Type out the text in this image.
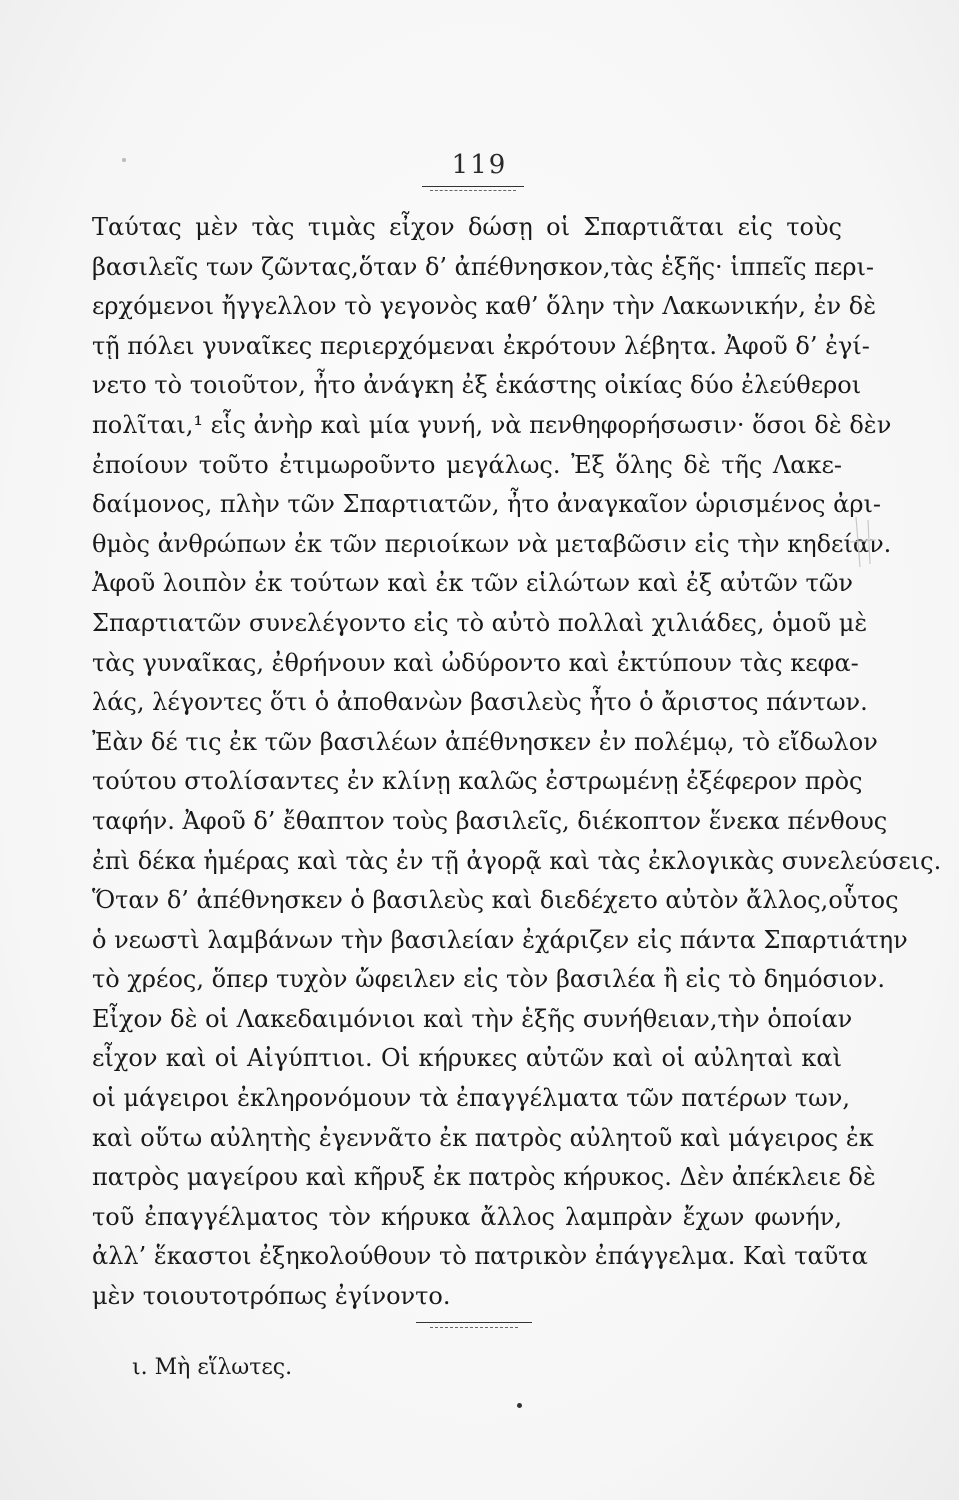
119
Ταύτας μὲν τὰς τιμὰς εἶχον δώσῃ οἱ Σπαρτιᾶται εἰς τοὺς
βασιλεῖς των ζῶντας,ὅταν δ’ ἀπέθνησκον,τὰς ἑξῆς· ἱππεῖς περι-
ερχόμενοι ἤγγελλον τὸ γεγονὸς καθ’ ὅλην τὴν Λακωνικήν, ἐν δὲ
τῇ πόλει γυναῖκες περιερχόμεναι ἐκρότουν λέβητα. Ἀφοῦ δ’ ἐγί-
νετο τὸ τοιοῦτον, ἦτο ἀνάγκη ἐξ ἑκάστης οἰκίας δύο ἐλεύθεροι
πολῖται,¹ εἷς ἀνὴρ καὶ μία γυνή, νὰ πενθηφορήσωσιν· ὅσοι δὲ δὲν
ἐποίουν τοῦτο ἐτιμωροῦντο μεγάλως. Ἐξ ὅλης δὲ τῆς Λακε-
δαίμονος, πλὴν τῶν Σπαρτιατῶν, ἦτο ἀναγκαῖον ὡρισμένος ἀρι-
θμὸς ἀνθρώπων ἐκ τῶν περιοίκων νὰ μεταβῶσιν εἰς τὴν κηδείαν.
Ἀφοῦ λοιπὸν ἐκ τούτων καὶ ἐκ τῶν εἱλώτων καὶ ἐξ αὐτῶν τῶν
Σπαρτιατῶν συνελέγοντο εἰς τὸ αὐτὸ πολλαὶ χιλιάδες, ὁμοῦ μὲ
τὰς γυναῖκας, ἐθρήνουν καὶ ὠδύροντο καὶ ἐκτύπουν τὰς κεφα-
λάς, λέγοντες ὅτι ὁ ἀποθανὼν βασιλεὺς ἦτο ὁ ἄριστος πάντων.
Ἐὰν δέ τις ἐκ τῶν βασιλέων ἀπέθνησκεν ἐν πολέμῳ, τὸ εἴδωλον
τούτου στολίσαντες ἐν κλίνῃ καλῶς ἐστρωμένῃ ἐξέφερον πρὸς
ταφήν. Ἀφοῦ δ’ ἔθαπτον τοὺς βασιλεῖς, διέκοπτον ἕνεκα πένθους
ἐπὶ δέκα ἡμέρας καὶ τὰς ἐν τῇ ἀγορᾷ καὶ τὰς ἐκλογικὰς συνελεύσεις.
Ὅταν δ’ ἀπέθνησκεν ὁ βασιλεὺς καὶ διεδέχετο αὐτὸν ἄλλος,οὗτος
ὁ νεωστὶ λαμβάνων τὴν βασιλείαν ἐχάριζεν εἰς πάντα Σπαρτιάτην
τὸ χρέος, ὅπερ τυχὸν ὤφειλεν εἰς τὸν βασιλέα ἢ εἰς τὸ δημόσιον.
Εἶχον δὲ οἱ Λακεδαιμόνιοι καὶ τὴν ἑξῆς συνήθειαν,τὴν ὁποίαν
εἶχον καὶ οἱ Αἰγύπτιοι. Οἱ κήρυκες αὐτῶν καὶ οἱ αὐληταὶ καὶ
οἱ μάγειροι ἐκληρονόμουν τὰ ἐπαγγέλματα τῶν πατέρων των,
καὶ οὕτω αὐλητὴς ἐγεννᾶτο ἐκ πατρὸς αὐλητοῦ καὶ μάγειρος ἐκ
πατρὸς μαγείρου καὶ κῆρυξ ἐκ πατρὸς κήρυκος. Δὲν ἀπέκλειε δὲ
τοῦ ἐπαγγέλματος τὸν κήρυκα ἄλλος λαμπρὰν ἔχων φωνήν,
ἀλλ’ ἕκαστοι ἐξηκολούθουν τὸ πατρικὸν ἐπάγγελμα. Καὶ ταῦτα
μὲν τοιουτοτρόπως ἐγίνοντο.
ι. Μὴ εἵλωτες.
